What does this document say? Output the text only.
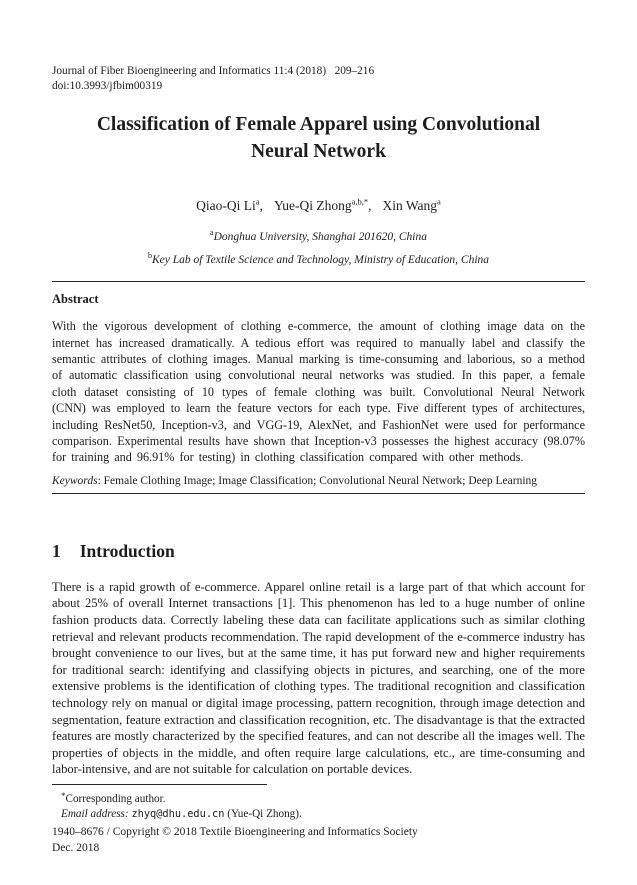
Journal of Fiber Bioengineering and Informatics 11:4 (2018)  209–216
doi:10.3993/jfbim00319
Classification of Female Apparel using Convolutional Neural Network
Qiao-Qi Li$^a$, Yue-Qi Zhong$^{a,b,*}$, Xin Wang$^a$
$^a$Donghua University, Shanghai 201620, China
$^b$Key Lab of Textile Science and Technology, Ministry of Education, China
Abstract
With the vigorous development of clothing e-commerce, the amount of clothing image data on the internet has increased dramatically. A tedious effort was required to manually label and classify the semantic attributes of clothing images. Manual marking is time-consuming and laborious, so a method of automatic classification using convolutional neural networks was studied. In this paper, a female cloth dataset consisting of 10 types of female clothing was built. Convolutional Neural Network (CNN) was employed to learn the feature vectors for each type. Five different types of architectures, including ResNet50, Inception-v3, and VGG-19, AlexNet, and FashionNet were used for performance comparison. Experimental results have shown that Inception-v3 possesses the highest accuracy (98.07% for training and 96.91% for testing) in clothing classification compared with other methods.
Keywords: Female Clothing Image; Image Classification; Convolutional Neural Network; Deep Learning
1 Introduction
There is a rapid growth of e-commerce. Apparel online retail is a large part of that which account for about 25% of overall Internet transactions [1]. This phenomenon has led to a huge number of online fashion products data. Correctly labeling these data can facilitate applications such as similar clothing retrieval and relevant products recommendation. The rapid development of the e-commerce industry has brought convenience to our lives, but at the same time, it has put forward new and higher requirements for traditional search: identifying and classifying objects in pictures, and searching, one of the more extensive problems is the identification of clothing types. The traditional recognition and classification technology rely on manual or digital image processing, pattern recognition, through image detection and segmentation, feature extraction and classification recognition, etc. The disadvantage is that the extracted features are mostly characterized by the specified features, and can not describe all the images well. The properties of objects in the middle, and often require large calculations, etc., are time-consuming and labor-intensive, and are not suitable for calculation on portable devices.
*Corresponding author.
Email address: zhyq@dhu.edu.cn (Yue-Qi Zhong).
1940–8676 / Copyright © 2018 Textile Bioengineering and Informatics Society
Dec. 2018
